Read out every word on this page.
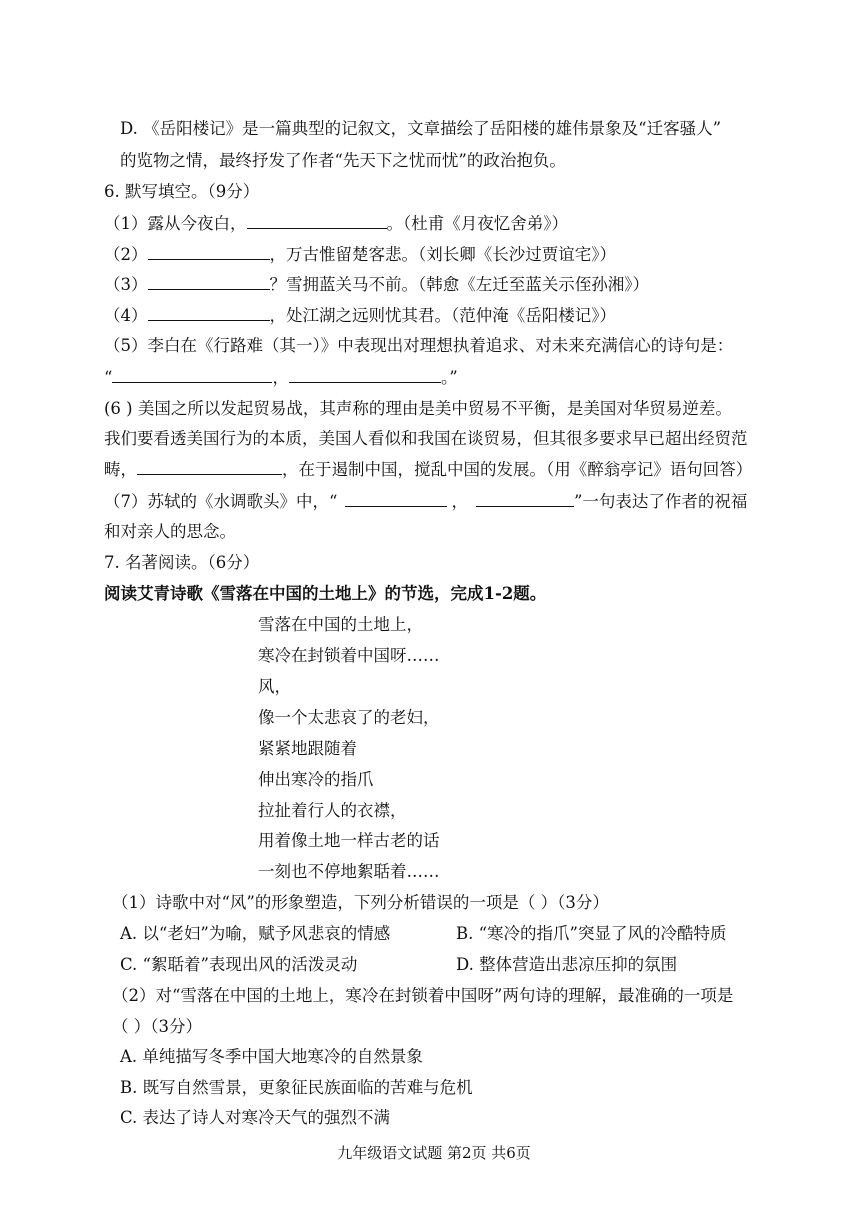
D. 《岳阳楼记》是一篇典型的记叙文，文章描绘了岳阳楼的雄伟景象及“迁客骚人”
的览物之情，最终抒发了作者“先天下之忧而忧”的政治抱负。
6. 默写填空。（9分）
（1）露从今夜白，	。（杜甫《月夜忆舍弟》）
（2）	，万古惟留楚客悲。（刘长卿《长沙过贾谊宅》）
（3）	？雪拥蓝关马不前。（韩愈《左迁至蓝关示侄孙湘》）
（4）	，处江湖之远则忧其君。（范仲淹《岳阳楼记》）
（5）李白在《行路难（其一）》中表现出对理想执着追求、对未来充满信心的诗句是：
“	，	。”
(6 ) 美国之所以发起贸易战，其声称的理由是美中贸易不平衡，是美国对华贸易逆差。
我们要看透美国行为的本质，美国人看似和我国在谈贸易，但其很多要求早已超出经贸范
畴，	，在于遏制中国，搅乱中国的发展。（用《醉翁亭记》语句回答）
（7）苏轼的《水调歌头》中，“	，	”一句表达了作者的祝福
和对亲人的思念。
7. 名著阅读。（6分）
阅读艾青诗歌《雪落在中国的土地上》的节选，完成1-2题。
雪落在中国的土地上，
寒冷在封锁着中国呀……
风，
像一个太悲哀了的老妇，
紧紧地跟随着
伸出寒冷的指爪
拉扯着行人的衣襟，
用着像土地一样古老的话
一刻也不停地絮聒着……
（1）诗歌中对“风”的形象塑造，下列分析错误的一项是（ ）（3分）
A. 以“老妇”为喻，赋予风悲哀的情感	B. “寒冷的指爪”突显了风的冷酷特质
C. “絮聒着”表现出风的活泼灵动	D. 整体营造出悲凉压抑的氛围
（2）对“雪落在中国的土地上，寒冷在封锁着中国呀”两句诗的理解，最准确的一项是
（ ）（3分）
A. 单纯描写冬季中国大地寒冷的自然景象
B. 既写自然雪景，更象征民族面临的苦难与危机
C. 表达了诗人对寒冷天气的强烈不满
九年级语文试题 第2页 共6页
